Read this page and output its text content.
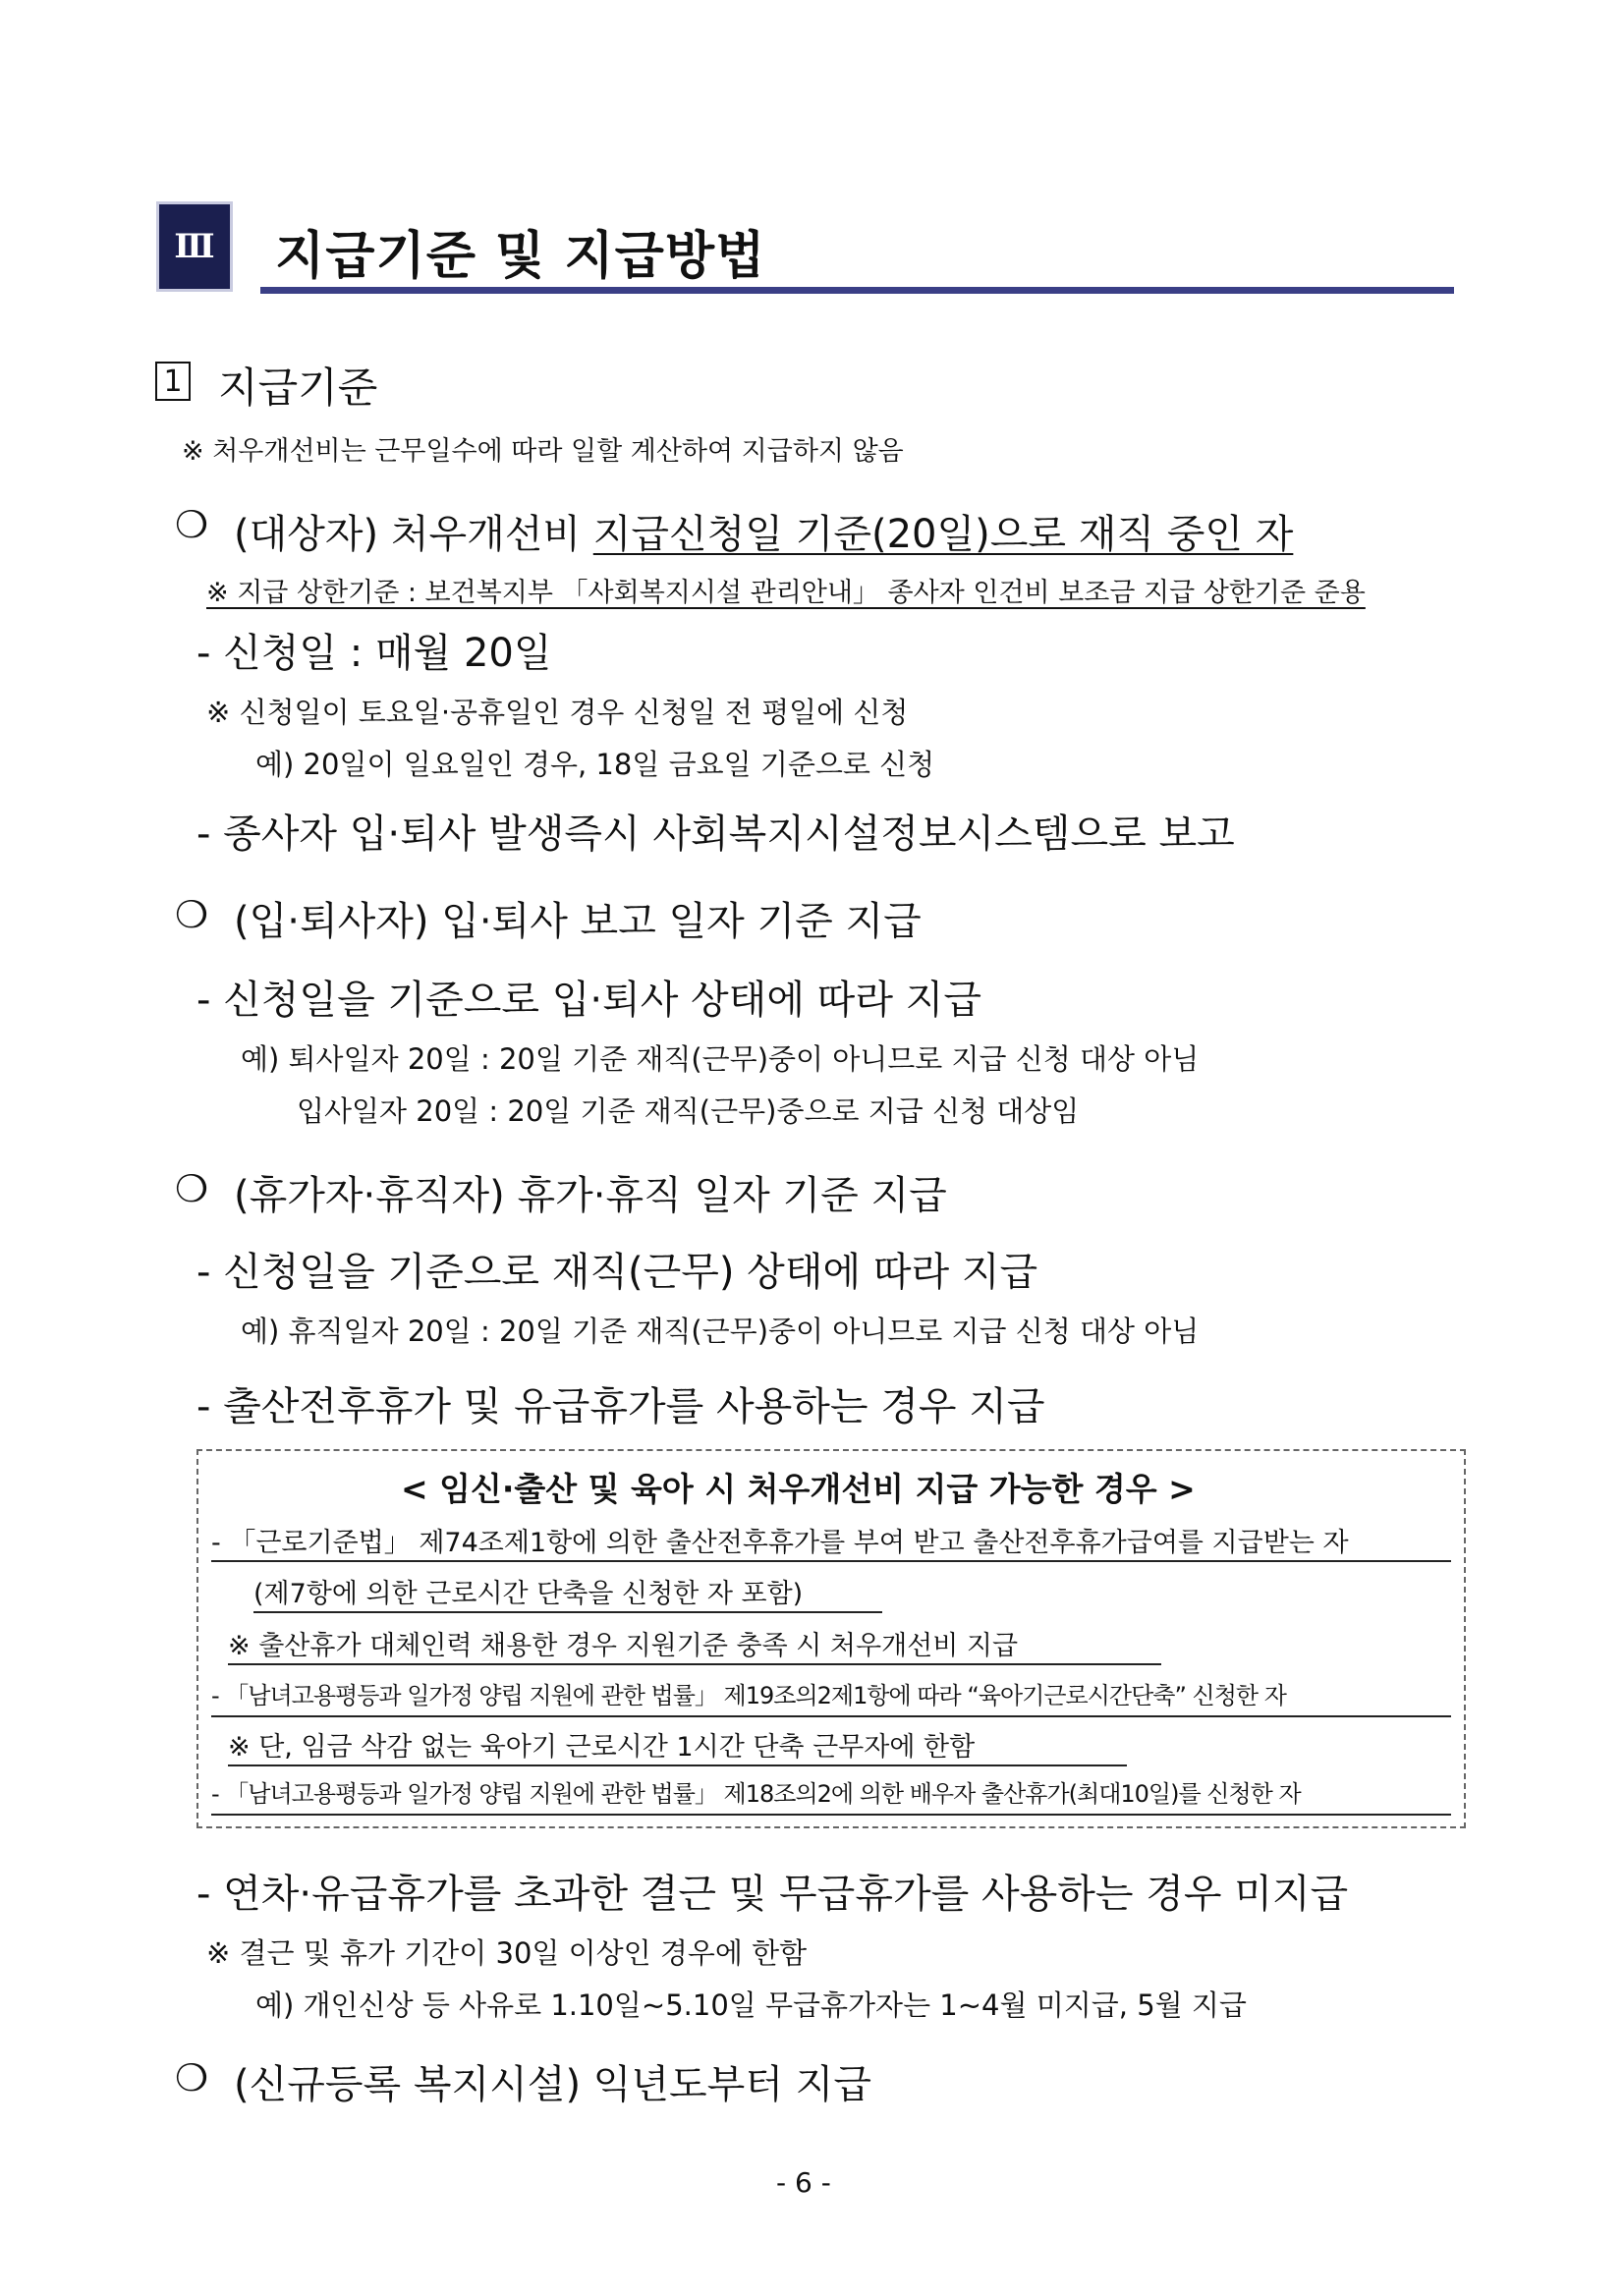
Ⅲ 지급기준 및 지급방법
1 지급기준
※ 처우개선비는 근무일수에 따라 일할 계산하여 지급하지 않음
❍ (대상자) 처우개선비 지급신청일 기준(20일)으로 재직 중인 자
※ 지급 상한기준 : 보건복지부 「사회복지시설 관리안내」 종사자 인건비 보조금 지급 상한기준 준용
- 신청일 : 매월 20일
※ 신청일이 토요일·공휴일인 경우 신청일 전 평일에 신청
예) 20일이 일요일인 경우, 18일 금요일 기준으로 신청
- 종사자 입·퇴사 발생즉시 사회복지시설정보시스템으로 보고
❍ (입·퇴사자) 입·퇴사 보고 일자 기준 지급
- 신청일을 기준으로 입·퇴사 상태에 따라 지급
예) 퇴사일자 20일 : 20일 기준 재직(근무)중이 아니므로 지급 신청 대상 아님
입사일자 20일 : 20일 기준 재직(근무)중으로 지급 신청 대상임
❍ (휴가자·휴직자) 휴가·휴직 일자 기준 지급
- 신청일을 기준으로 재직(근무) 상태에 따라 지급
예) 휴직일자 20일 : 20일 기준 재직(근무)중이 아니므로 지급 신청 대상 아님
- 출산전후휴가 및 유급휴가를 사용하는 경우 지급
< 임신·출산 및 육아 시 처우개선비 지급 가능한 경우 >
- 「근로기준법」 제74조제1항에 의한 출산전후휴가를 부여 받고 출산전후휴가급여를 지급받는 자
(제7항에 의한 근로시간 단축을 신청한 자 포함)
※ 출산휴가 대체인력 채용한 경우 지원기준 충족 시 처우개선비 지급
- 「남녀고용평등과 일가정 양립 지원에 관한 법률」 제19조의2제1항에 따라 “육아기근로시간단축” 신청한 자
※ 단, 임금 삭감 없는 육아기 근로시간 1시간 단축 근무자에 한함
- 「남녀고용평등과 일가정 양립 지원에 관한 법률」 제18조의2에 의한 배우자 출산휴가(최대10일)를 신청한 자
- 연차·유급휴가를 초과한 결근 및 무급휴가를 사용하는 경우 미지급
※ 결근 및 휴가 기간이 30일 이상인 경우에 한함
예) 개인신상 등 사유로 1.10일~5.10일 무급휴가자는 1~4월 미지급, 5월 지급
❍ (신규등록 복지시설) 익년도부터 지급
- 6 -
